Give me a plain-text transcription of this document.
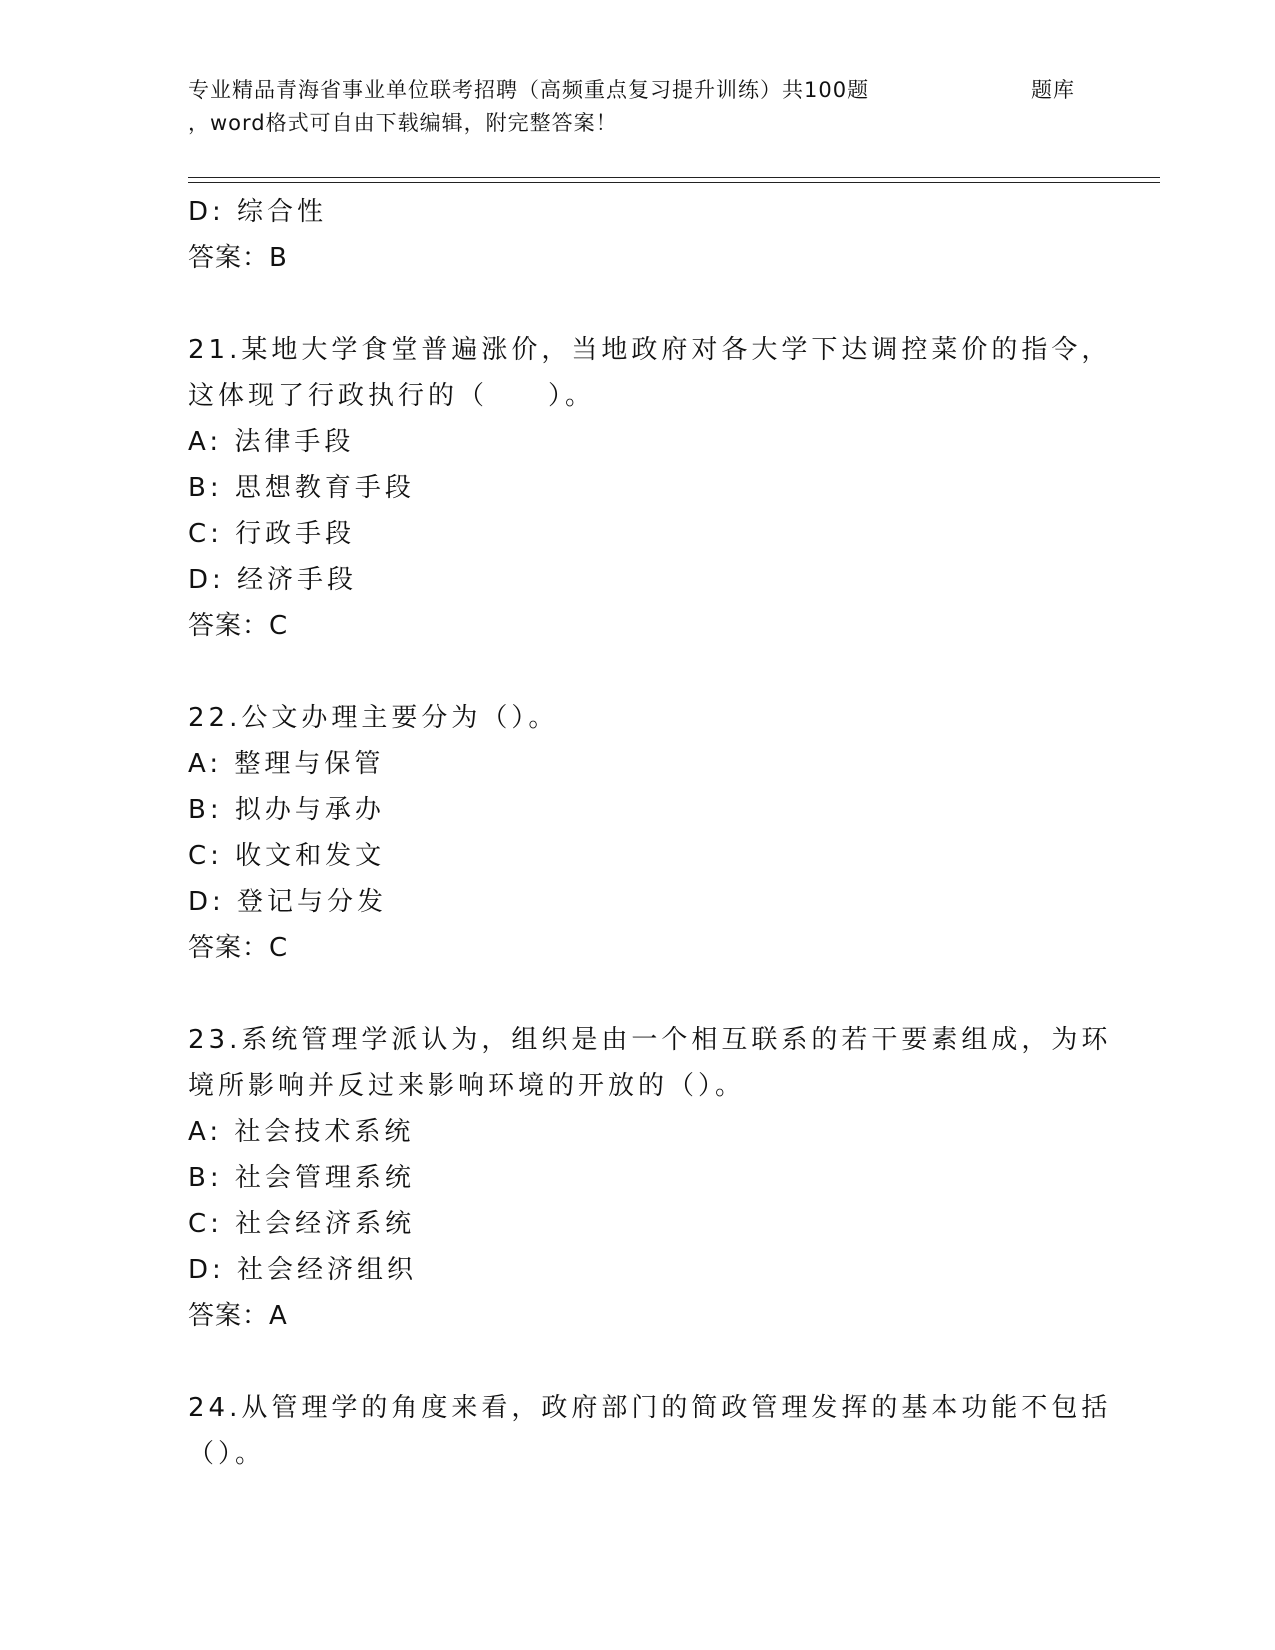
专业精品青海省事业单位联考招聘（高频重点复习提升训练）共100题	题库
，word格式可自由下载编辑，附完整答案！
D: 综合性
答案：B
21.某地大学食堂普遍涨价，当地政府对各大学下达调控菜价的指令，
这体现了行政执行的（　　）。
A: 法律手段
B: 思想教育手段
C: 行政手段
D: 经济手段
答案：C
22.公文办理主要分为（）。
A: 整理与保管
B: 拟办与承办
C: 收文和发文
D: 登记与分发
答案：C
23.系统管理学派认为，组织是由一个相互联系的若干要素组成，为环
境所影响并反过来影响环境的开放的（）。
A: 社会技术系统
B: 社会管理系统
C: 社会经济系统
D: 社会经济组织
答案：A
24.从管理学的角度来看，政府部门的简政管理发挥的基本功能不包括
（）。
